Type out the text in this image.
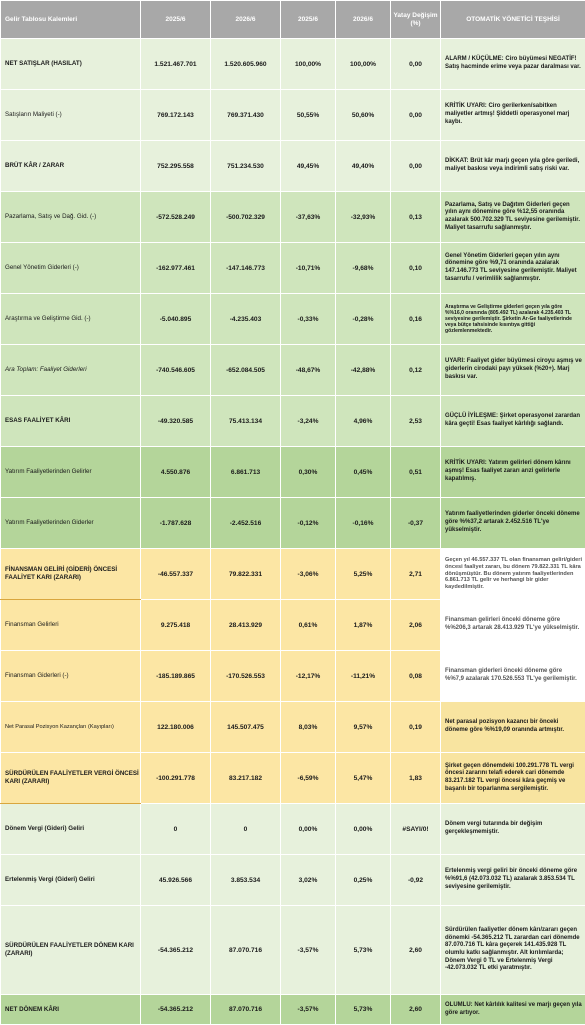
Gelir Tablosu Kalemleri	2025/6	2026/6	2025/6	2026/6	Yatay Değişim (%)	OTOMATİK YÖNETİCİ TEŞHİSİ
NET SATIŞLAR (HASILAT)	1.521.467.701	1.520.605.960	100,00%	100,00%	0,00	ALARM / KÜÇÜLME: Ciro büyümesi NEGATİF! Satış hacminde erime veya pazar daralması var.
Satışların Maliyeti (-)	769.172.143	769.371.430	50,55%	50,60%	0,00	KRİTİK UYARI: Ciro gerilerken/sabitken maliyetler artmış! Şiddetli operasyonel marj kaybı.
BRÜT KÂR / ZARAR	752.295.558	751.234.530	49,45%	49,40%	0,00	DİKKAT: Brüt kâr marjı geçen yıla göre geriledi, maliyet baskısı veya indirimli satış riski var.
Pazarlama, Satış ve Dağ. Gid. (-)	-572.528.249	-500.702.329	-37,63%	-32,93%	0,13	Pazarlama, Satış ve Dağıtım Giderleri geçen yılın aynı dönemine göre %12,55 oranında azalarak 500.702.329 TL seviyesine gerilemiştir. Maliyet tasarrufu sağlanmıştır.
Genel Yönetim Giderleri (-)	-162.977.461	-147.146.773	-10,71%	-9,68%	0,10	Genel Yönetim Giderleri geçen yılın aynı dönemine göre %9,71 oranında azalarak 147.146.773 TL seviyesine gerilemiştir. Maliyet tasarrufu / verimlilik sağlanmıştır.
Araştırma ve Geliştirme Gid. (-)	-5.040.895	-4.235.403	-0,33%	-0,28%	0,16	Araştırma ve Geliştirme giderleri geçen yıla göre %%16,0 oranında (805.492 TL) azalarak 4.235.403 TL seviyesine gerilemiştir. Şirketin Ar-Ge faaliyetlerinde veya bütçe tahsisinde kısıntıya gittiği gözlemlenmektedir.
Ara Toplam: Faaliyet Giderleri	-740.546.605	-652.084.505	-48,67%	-42,88%	0,12	UYARI: Faaliyet gider büyümesi ciroyu aşmış ve giderlerin cirodaki payı yüksek (%20+). Marj baskısı var.
ESAS FAALİYET KÂRI	-49.320.585	75.413.134	-3,24%	4,96%	2,53	GÜÇLÜ İYİLEŞME: Şirket operasyonel zarardan kâra geçti! Esas faaliyet kârlılığı sağlandı.
Yatırım Faaliyetlerinden Gelirler	4.550.876	6.861.713	0,30%	0,45%	0,51	KRİTİK UYARI: Yatırım gelirleri dönem kârını aşmış! Esas faaliyet zararı arızi gelirlerle kapatılmış.
Yatırım Faaliyetlerinden Giderler	-1.787.628	-2.452.516	-0,12%	-0,16%	-0,37	Yatırım faaliyetlerinden giderler önceki döneme göre %%37,2 artarak 2.452.516 TL'ye yükselmiştir.
FİNANSMAN GELİRİ (GİDERİ) ÖNCESİ FAALİYET KARI (ZARARI)	-46.557.337	79.822.331	-3,06%	5,25%	2,71	Geçen yıl 46.557.337 TL olan finansman geliri/gideri öncesi faaliyet zararı, bu dönem 79.822.331 TL kâra dönüşmüştür. Bu dönem yatırım faaliyetlerinden 6.861.713 TL gelir ve herhangi bir gider kaydedilmiştir.
Finansman Gelirleri	9.275.418	28.413.929	0,61%	1,87%	2,06	Finansman gelirleri önceki döneme göre %%206,3 artarak 28.413.929 TL'ye yükselmiştir.
Finansman Giderleri (-)	-185.189.865	-170.526.553	-12,17%	-11,21%	0,08	Finansman giderleri önceki döneme göre %%7,9 azalarak 170.526.553 TL'ye gerilemiştir.
Net Parasal Pozisyon Kazançları (Kayıpları)	122.180.006	145.507.475	8,03%	9,57%	0,19	Net parasal pozisyon kazancı bir önceki döneme göre %%19,09 oranında artmıştır.
SÜRDÜRÜLEN FAALİYETLER VERGİ ÖNCESİ KARI (ZARARI)	-100.291.778	83.217.182	-6,59%	5,47%	1,83	Şirket geçen dönemdeki 100.291.778 TL vergi öncesi zararını telafi ederek cari dönemde 83.217.182 TL vergi öncesi kâra geçmiş ve başarılı bir toparlanma sergilemiştir.
Dönem Vergi (Gideri) Geliri	0	0	0,00%	0,00%	#SAYI/0!	Dönem vergi tutarında bir değişim gerçekleşmemiştir.
Ertelenmiş Vergi (Gideri) Geliri	45.926.566	3.853.534	3,02%	0,25%	-0,92	Ertelenmiş vergi geliri bir önceki döneme göre %%91,6 (42.073.032 TL) azalarak 3.853.534 TL seviyesine gerilemiştir.
SÜRDÜRÜLEN FAALİYETLER DÖNEM KARI (ZARARI)	-54.365.212	87.070.716	-3,57%	5,73%	2,60	Sürdürülen faaliyetler dönem kârı/zararı geçen dönemki -54.365.212 TL zarardan cari dönemde 87.070.716 TL kâra geçerek 141.435.928 TL olumlu katkı sağlanmıştır. Alt kırılımlarda; Dönem Vergi 0 TL ve Ertelenmiş Vergi -42.073.032 TL etki yaratmıştır.
NET DÖNEM KÂRI	-54.365.212	87.070.716	-3,57%	5,73%	2,60	OLUMLU: Net kârlılık kalitesi ve marjı geçen yıla göre artıyor.
